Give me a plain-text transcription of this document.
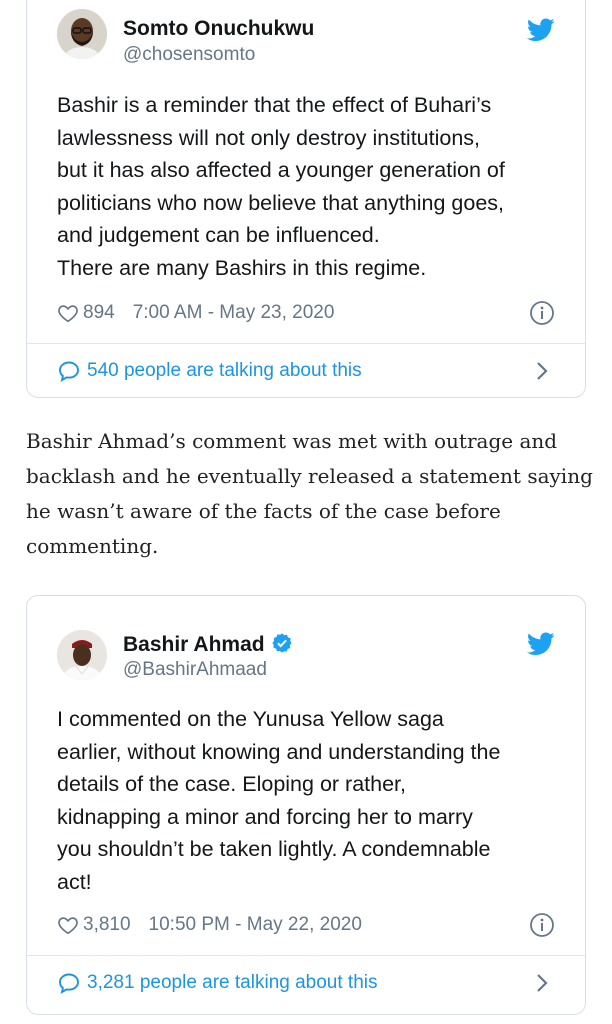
Somto Onuchukwu
@chosensomto

Bashir is a reminder that the effect of Buhari’s

lawlessness will not only destroy institutions,

but it has also affected a younger generation of

politicians who now believe that anything goes,

and judgement can be influenced.

There are many Bashirs in this regime.

894 7:00 AM - May 23, 2020
540 people are talking about this

Bashir Ahmad’s comment was met with outrage and backlash and he eventually released a statement saying he wasn’t aware of the facts of the case before commenting.

Bashir Ahmad
@BashirAhmaad

I commented on the Yunusa Yellow saga

earlier, without knowing and understanding the

details of the case. Eloping or rather,

kidnapping a minor and forcing her to marry

you shouldn’t be taken lightly. A condemnable

act!

3,810 10:50 PM - May 22, 2020
3,281 people are talking about this
